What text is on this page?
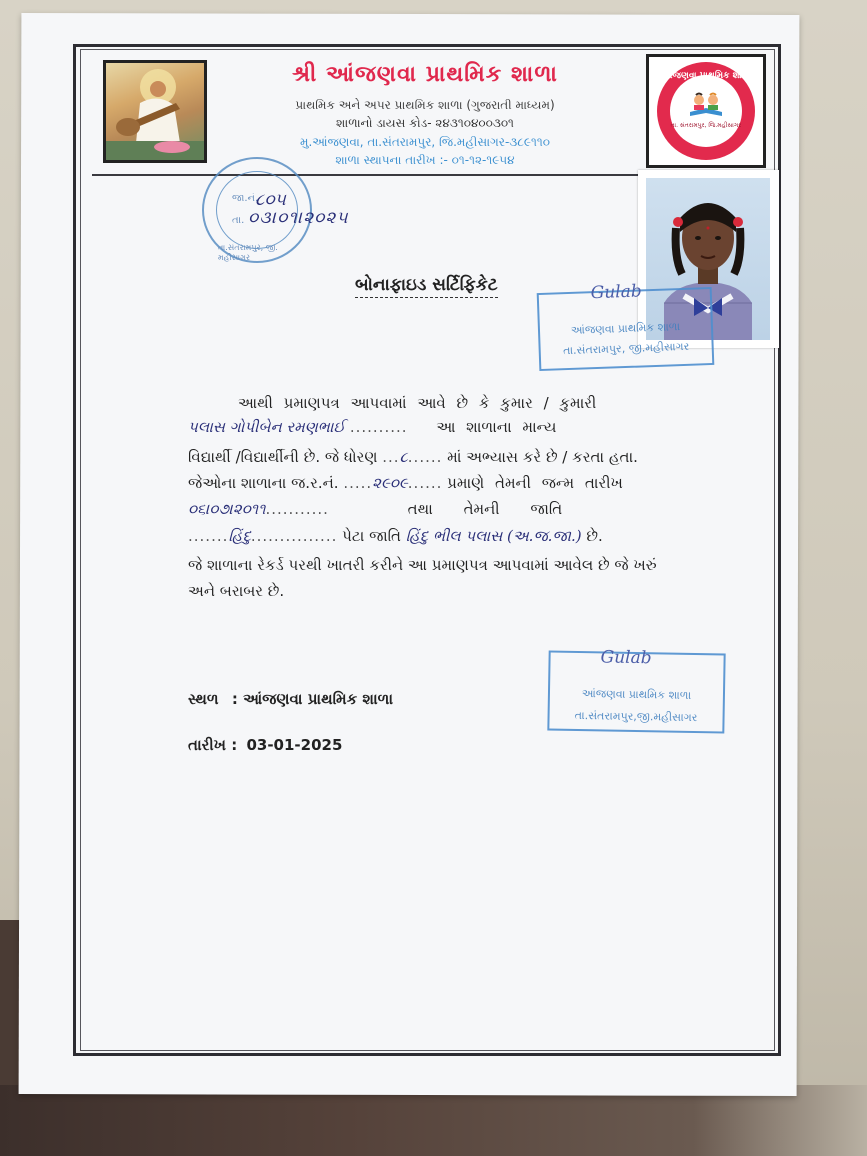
તા. સંતરામપુર, જિ.મહીસાગર
આંજણવા પ્રાથમિક શાળા
શ્રી આંજણવા પ્રાથમિક શાળા
પ્રાથમિક અને અપર પ્રાથમિક શાળા (ગુજરાતી માધ્યમ)
શાળાનો ડાયસ કોડ- ૨૪૩૧૦૪૦૦૩૦૧
મુ.આંજણવા, તા.સંતરામપુર, જિ.મહીસાગર-૩૮૯૧૧૦
શાળા સ્થાપના તારીખ :- ૦૧-૧૨-૧૯૫૪
જા.નં.
તા.
તા.સંતરામપુર, જી. મહીસાગર
૮૦૫
૦૩।૦૧।૨૦૨૫
બોનાફાઇડ સર્ટિફિકેટ	Gulab
આંજણવા પ્રાથમિક શાળા
તા.સંતરામપુર, જી.મહીસાગર
આથી પ્રમાણપત્ર આપવામાં આવે છે કે કુમાર / કુમારી
પલાસ ગોપીબેન રમણભાઈ .......... આ શાળાના માન્ય
વિદ્યાર્થી /વિદ્યાર્થીની છે. જે ધોરણ ...૮...... માં અભ્યાસ કરે છે / કરતા હતા.
જેઓના શાળાના જ.ર.નં. .....૨૯૦૯...... પ્રમાણે તેમની જન્મ તારીખ
૦૬।૦૭।૨૦૧૧...........	તથા તેમની જાતિ
.......હિંદુ............... પેટા જાતિ હિંદુ ભીલ પલાસ (અ.જ.જા.) છે.
જે શાળાના રેકર્ડ પરથી ખાતરી કરીને આ પ્રમાણપત્ર આપવામાં આવેલ છે જે ખરું
અને બરાબર છે.
Gulab
આંજણવા પ્રાથમિક શાળા
તા.સંતરામપુર,જી.મહીસાગર
સ્થળ : આંજણવા પ્રાથમિક શાળા
તારીખ : 03-01-2025
